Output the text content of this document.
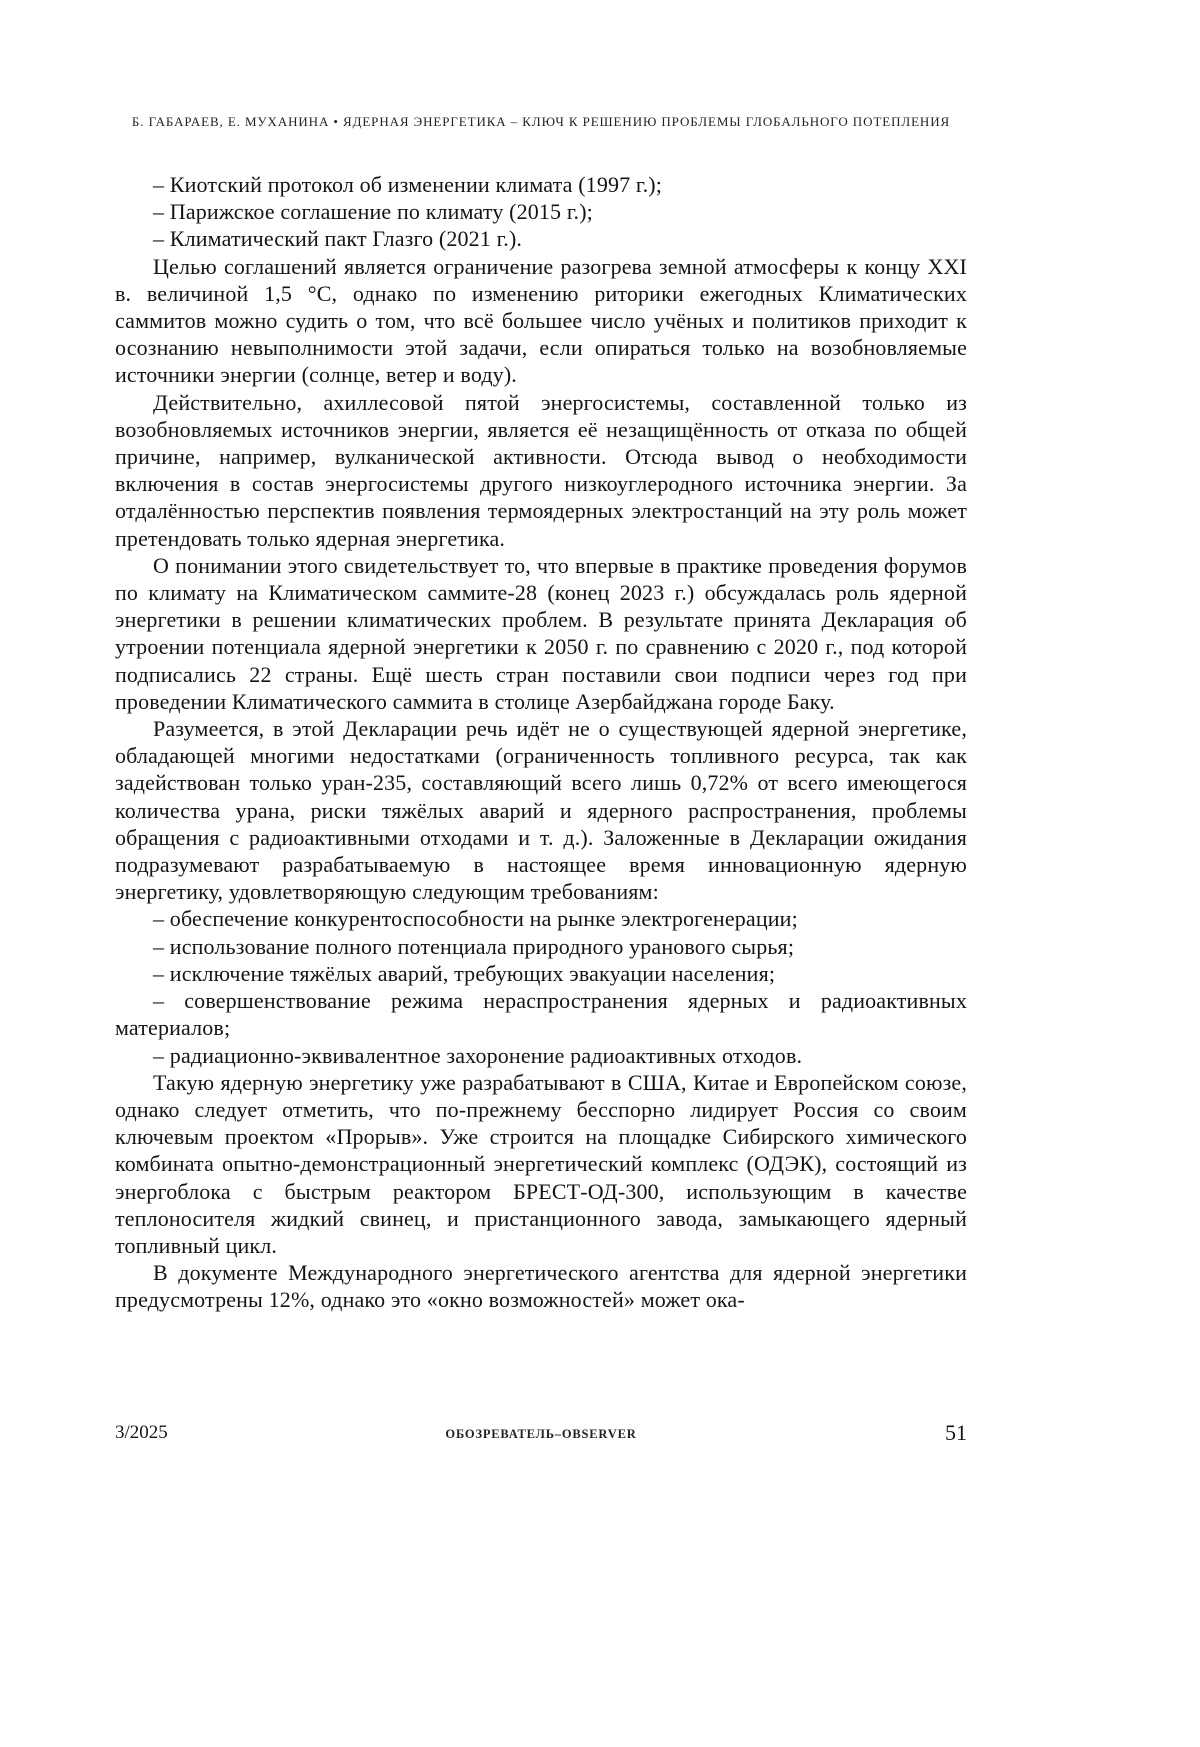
Б. ГАБАРАЕВ, Е. МУХАНИНА • ЯДЕРНАЯ ЭНЕРГЕТИКА – КЛЮЧ К РЕШЕНИЮ ПРОБЛЕМЫ ГЛОБАЛЬНОГО ПОТЕПЛЕНИЯ

– Киотский протокол об изменении климата (1997 г.);

– Парижское соглашение по климату (2015 г.);

– Климатический пакт Глазго (2021 г.).

Целью соглашений является ограничение разогрева земной атмосферы к концу XXI в. величиной 1,5 °С, однако по изменению риторики ежегодных Климатических саммитов можно судить о том, что всё большее число учёных и политиков приходит к осознанию невыполнимости этой задачи, если опираться только на возобновляемые источники энергии (солнце, ветер и воду).

Действительно, ахиллесовой пятой энергосистемы, составленной только из возобновляемых источников энергии, является её незащищённость от отказа по общей причине, например, вулканической активности. Отсюда вывод о необходимости включения в состав энергосистемы другого низкоуглеродного источника энергии. За отдалённостью перспектив появления термоядерных электростанций на эту роль может претендовать только ядерная энергетика.

О понимании этого свидетельствует то, что впервые в практике проведения форумов по климату на Климатическом саммите-28 (конец 2023 г.) обсуждалась роль ядерной энергетики в решении климатических проблем. В результате принята Декларация об утроении потенциала ядерной энергетики к 2050 г. по сравнению с 2020 г., под которой подписались 22 страны. Ещё шесть стран поставили свои подписи через год при проведении Климатического саммита в столице Азербайджана городе Баку.

Разумеется, в этой Декларации речь идёт не о существующей ядерной энергетике, обладающей многими недостатками (ограниченность топливного ресурса, так как задействован только уран-235, составляющий всего лишь 0,72% от всего имеющегося количества урана, риски тяжёлых аварий и ядерного распространения, проблемы обращения с радиоактивными отходами и т. д.). Заложенные в Декларации ожидания подразумевают разрабатываемую в настоящее время инновационную ядерную энергетику, удовлетворяющую следующим требованиям:

– обеспечение конкурентоспособности на рынке электрогенерации;

– использование полного потенциала природного уранового сырья;

– исключение тяжёлых аварий, требующих эвакуации населения;

– совершенствование режима нераспространения ядерных и радиоактивных материалов;

– радиационно-эквивалентное захоронение радиоактивных отходов.

Такую ядерную энергетику уже разрабатывают в США, Китае и Европейском союзе, однако следует отметить, что по-прежнему бесспорно лидирует Россия со своим ключевым проектом «Прорыв». Уже строится на площадке Сибирского химического комбината опытно-демонстрационный энергетический комплекс (ОДЭК), состоящий из энергоблока с быстрым реактором БРЕСТ-ОД-300, использующим в качестве теплоносителя жидкий свинец, и пристанционного завода, замыкающего ядерный топливный цикл.

В документе Международного энергетического агентства для ядерной энергетики предусмотрены 12%, однако это «окно возможностей» может ока-

3/2025	ОБОЗРЕВАТЕЛЬ–OBSERVER	51
